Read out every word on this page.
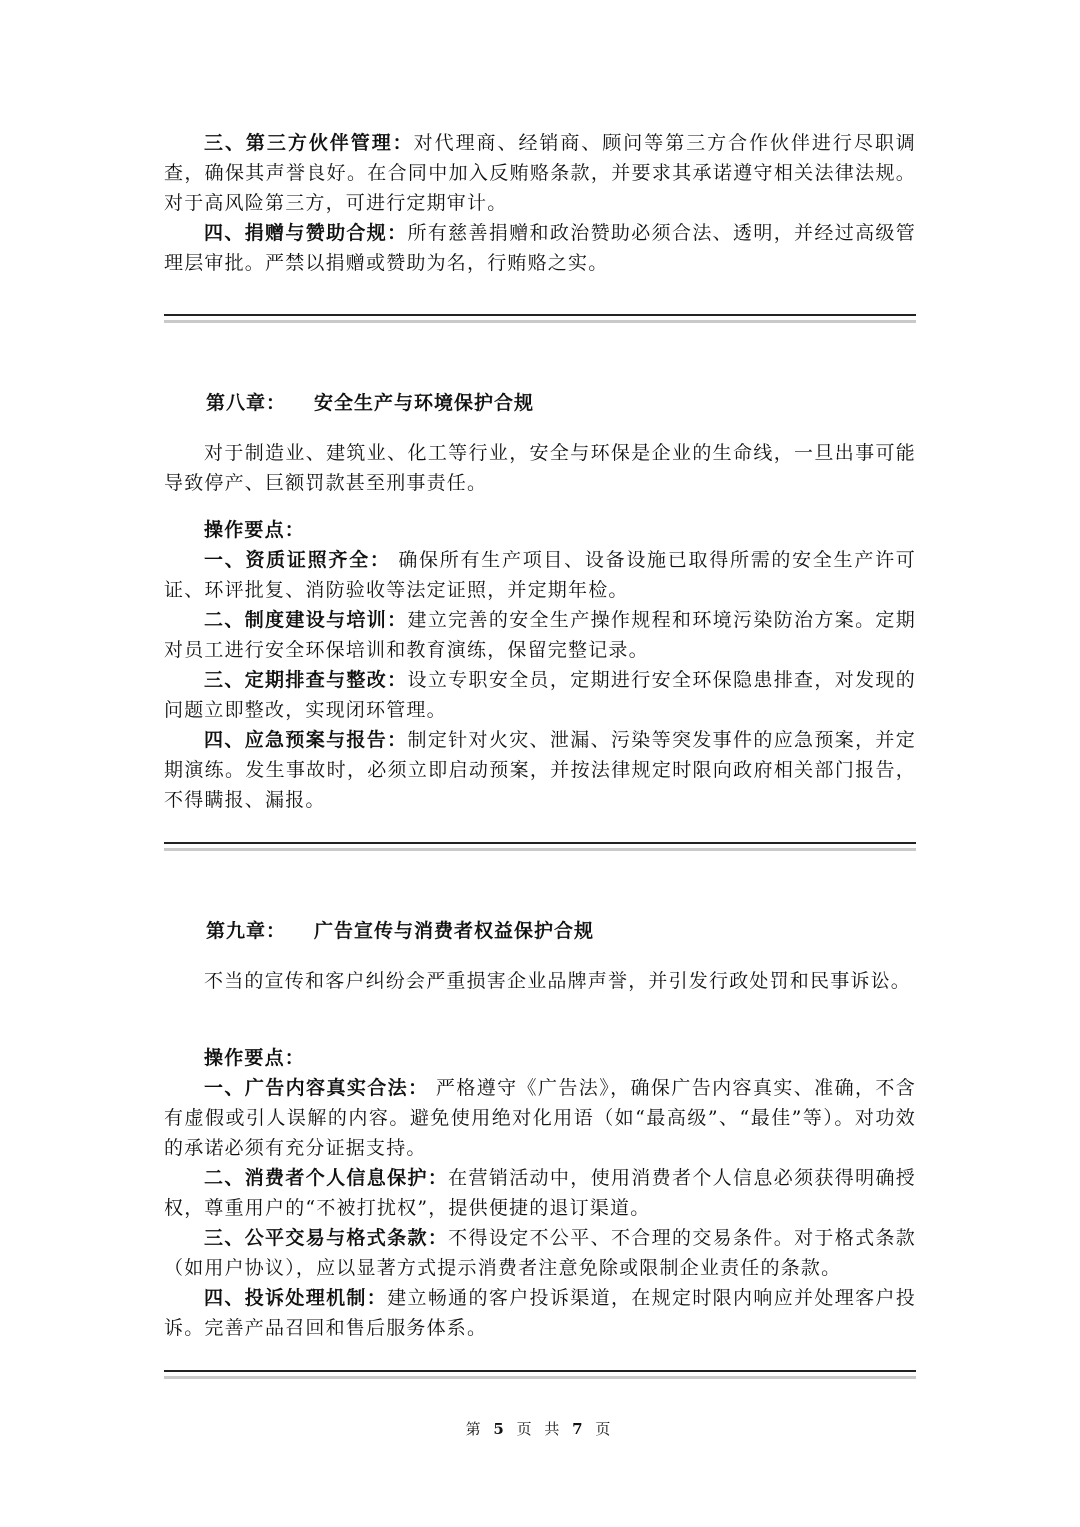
三、第三方伙伴管理：对代理商、经销商、顾问等第三方合作伙伴进行尽职调查，确保其声誉良好。在合同中加入反贿赂条款，并要求其承诺遵守相关法律法规。对于高风险第三方，可进行定期审计。

四、捐赠与赞助合规：所有慈善捐赠和政治赞助必须合法、透明，并经过高级管理层审批。严禁以捐赠或赞助为名，行贿赂之实。

第八章： 安全生产与环境保护合规

对于制造业、建筑业、化工等行业，安全与环保是企业的生命线，一旦出事可能导致停产、巨额罚款甚至刑事责任。

操作要点：

一、资质证照齐全： 确保所有生产项目、设备设施已取得所需的安全生产许可证、环评批复、消防验收等法定证照，并定期年检。

二、制度建设与培训：建立完善的安全生产操作规程和环境污染防治方案。定期对员工进行安全环保培训和教育演练，保留完整记录。

三、定期排查与整改：设立专职安全员，定期进行安全环保隐患排查，对发现的问题立即整改，实现闭环管理。

四、应急预案与报告：制定针对火灾、泄漏、污染等突发事件的应急预案，并定期演练。发生事故时，必须立即启动预案，并按法律规定时限向政府相关部门报告，不得瞒报、漏报。

第九章： 广告宣传与消费者权益保护合规

不当的宣传和客户纠纷会严重损害企业品牌声誉，并引发行政处罚和民事诉讼。

操作要点：

一、广告内容真实合法： 严格遵守《广告法》，确保广告内容真实、准确，不含有虚假或引人误解的内容。避免使用绝对化用语（如“最高级”、“最佳”等）。对功效的承诺必须有充分证据支持。

二、消费者个人信息保护：在营销活动中，使用消费者个人信息必须获得明确授权，尊重用户的“不被打扰权”，提供便捷的退订渠道。

三、公平交易与格式条款：不得设定不公平、不合理的交易条件。对于格式条款（如用户协议），应以显著方式提示消费者注意免除或限制企业责任的条款。

四、投诉处理机制：建立畅通的客户投诉渠道，在规定时限内响应并处理客户投诉。完善产品召回和售后服务体系。

第 5 页 共 7 页
